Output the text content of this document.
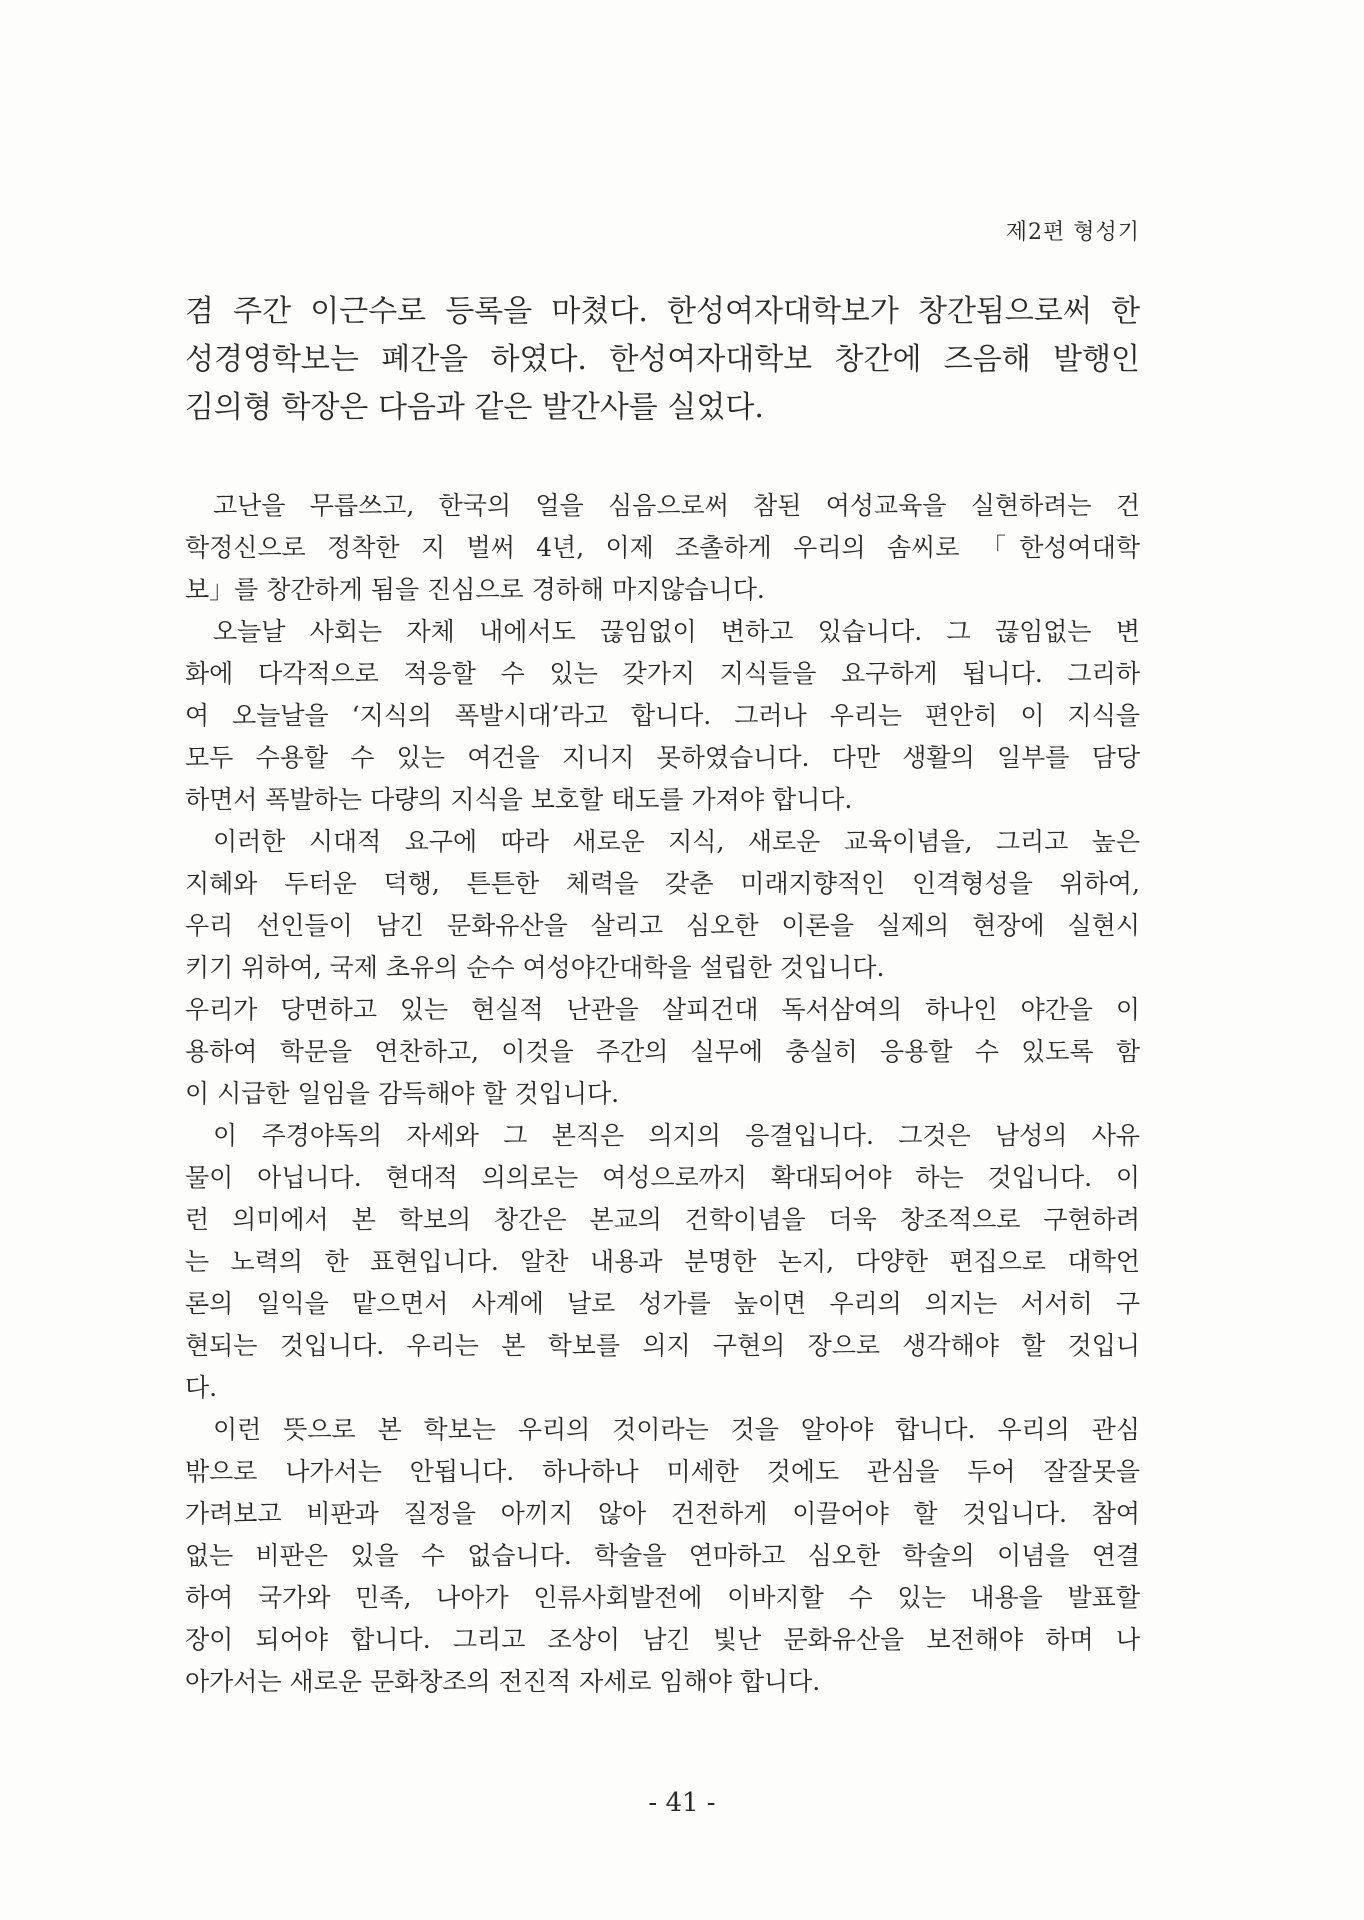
제2편 형성기
겸 주간 이근수로 등록을 마쳤다. 한성여자대학보가 창간됨으로써 한
성경영학보는 폐간을 하였다. 한성여자대학보 창간에 즈음해 발행인
김의형 학장은 다음과 같은 발간사를 실었다.
고난을 무릅쓰고, 한국의 얼을 심음으로써 참된 여성교육을 실현하려는 건
학정신으로 정착한 지 벌써 4년, 이제 조촐하게 우리의 솜씨로 「한성여대학
보」를 창간하게 됨을 진심으로 경하해 마지않습니다.
오늘날 사회는 자체 내에서도 끊임없이 변하고 있습니다. 그 끊임없는 변
화에 다각적으로 적응할 수 있는 갖가지 지식들을 요구하게 됩니다. 그리하
여 오늘날을 ‘지식의 폭발시대’라고 합니다. 그러나 우리는 편안히 이 지식을
모두 수용할 수 있는 여건을 지니지 못하였습니다. 다만 생활의 일부를 담당
하면서 폭발하는 다량의 지식을 보호할 태도를 가져야 합니다.
이러한 시대적 요구에 따라 새로운 지식, 새로운 교육이념을, 그리고 높은
지혜와 두터운 덕행, 튼튼한 체력을 갖춘 미래지향적인 인격형성을 위하여,
우리 선인들이 남긴 문화유산을 살리고 심오한 이론을 실제의 현장에 실현시
키기 위하여, 국제 초유의 순수 여성야간대학을 설립한 것입니다.
우리가 당면하고 있는 현실적 난관을 살피건대 독서삼여의 하나인 야간을 이
용하여 학문을 연찬하고, 이것을 주간의 실무에 충실히 응용할 수 있도록 함
이 시급한 일임을 감득해야 할 것입니다.
이 주경야독의 자세와 그 본직은 의지의 응결입니다. 그것은 남성의 사유
물이 아닙니다. 현대적 의의로는 여성으로까지 확대되어야 하는 것입니다. 이
런 의미에서 본 학보의 창간은 본교의 건학이념을 더욱 창조적으로 구현하려
는 노력의 한 표현입니다. 알찬 내용과 분명한 논지, 다양한 편집으로 대학언
론의 일익을 맡으면서 사계에 날로 성가를 높이면 우리의 의지는 서서히 구
현되는 것입니다. 우리는 본 학보를 의지 구현의 장으로 생각해야 할 것입니
다.
이런 뜻으로 본 학보는 우리의 것이라는 것을 알아야 합니다. 우리의 관심
밖으로 나가서는 안됩니다. 하나하나 미세한 것에도 관심을 두어 잘잘못을
가려보고 비판과 질정을 아끼지 않아 건전하게 이끌어야 할 것입니다. 참여
없는 비판은 있을 수 없습니다. 학술을 연마하고 심오한 학술의 이념을 연결
하여 국가와 민족, 나아가 인류사회발전에 이바지할 수 있는 내용을 발표할
장이 되어야 합니다. 그리고 조상이 남긴 빛난 문화유산을 보전해야 하며 나
아가서는 새로운 문화창조의 전진적 자세로 임해야 합니다.
- 41 -
